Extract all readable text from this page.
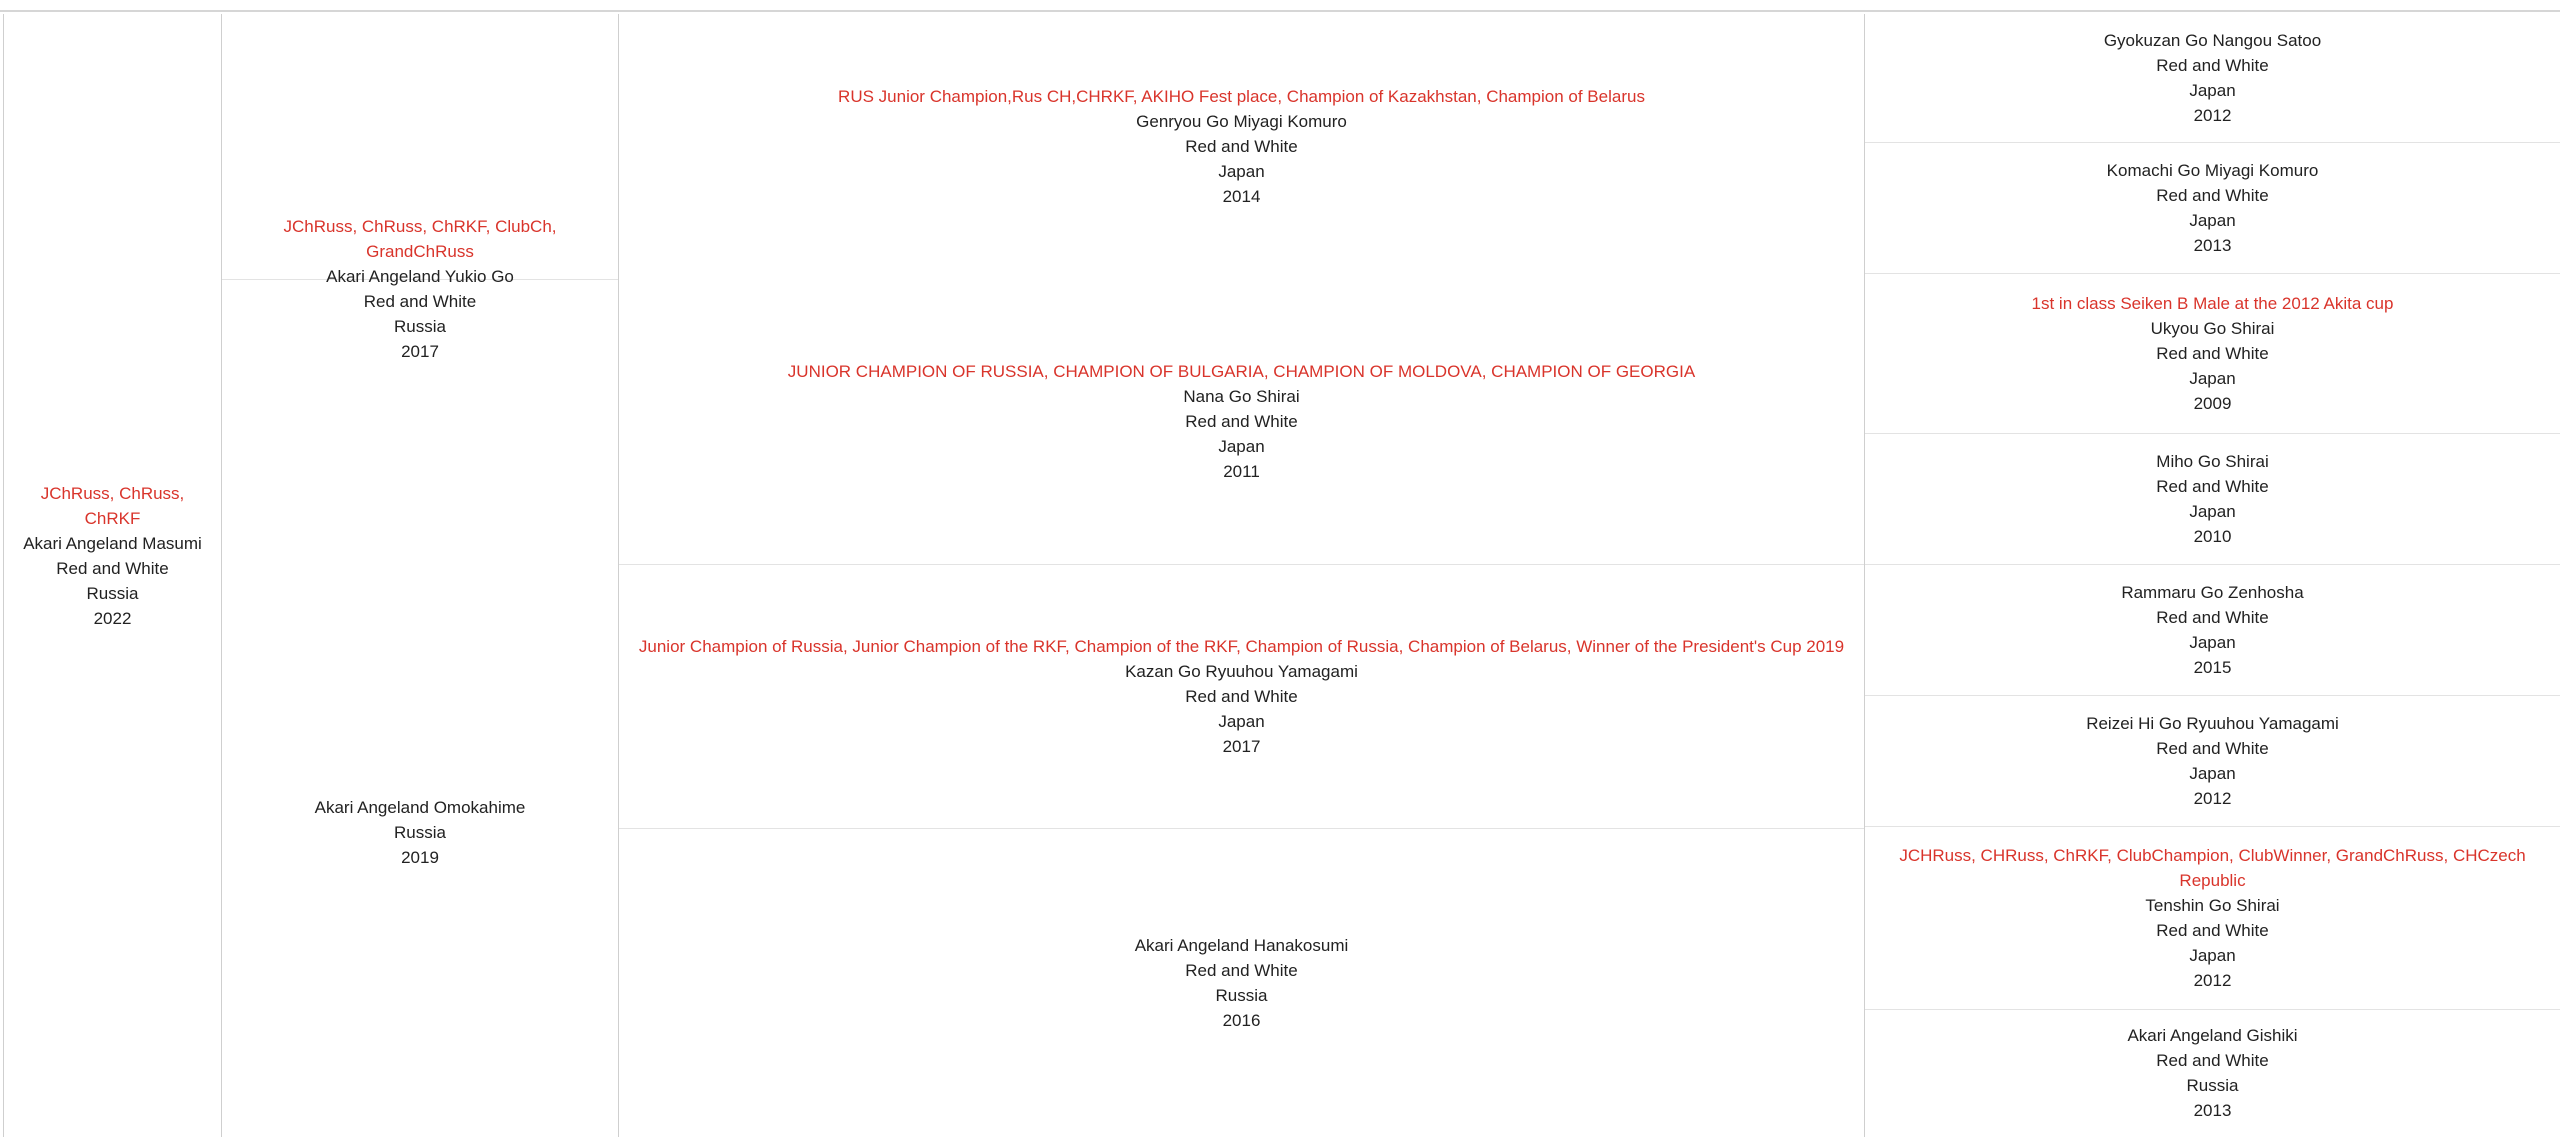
JChRuss, ChRuss, ChRKF
Akari Angeland Masumi
Red and White
Russia
2022
JChRuss, ChRuss, ChRKF, ClubCh, GrandChRuss
Akari Angeland Yukio Go
Red and White
Russia
2017
Akari Angeland Omokahime
Russia
2019
RUS Junior Champion,Rus CH,CHRKF, AKIHO Fest place, Champion of Kazakhstan, Champion of Belarus
Genryou Go Miyagi Komuro
Red and White
Japan
2014
JUNIOR CHAMPION OF RUSSIA, CHAMPION OF BULGARIA, CHAMPION OF MOLDOVA, CHAMPION OF GEORGIA
Nana Go Shirai
Red and White
Japan
2011
Junior Champion of Russia, Junior Champion of the RKF, Champion of the RKF, Champion of Russia, Champion of Belarus, Winner of the President's Cup 2019
Kazan Go Ryuuhou Yamagami
Red and White
Japan
2017
Akari Angeland Hanakosumi
Red and White
Russia
2016
Gyokuzan Go Nangou Satoo
Red and White
Japan
2012
Komachi Go Miyagi Komuro
Red and White
Japan
2013
1st in class Seiken B Male at the 2012 Akita cup
Ukyou Go Shirai
Red and White
Japan
2009
Miho Go Shirai
Red and White
Japan
2010
Rammaru Go Zenhosha
Red and White
Japan
2015
Reizei Hi Go Ryuuhou Yamagami
Red and White
Japan
2012
JCHRuss, CHRuss, ChRKF, ClubChampion, ClubWinner, GrandChRuss, CHCzech Republic
Tenshin Go Shirai
Red and White
Japan
2012
Akari Angeland Gishiki
Red and White
Russia
2013
